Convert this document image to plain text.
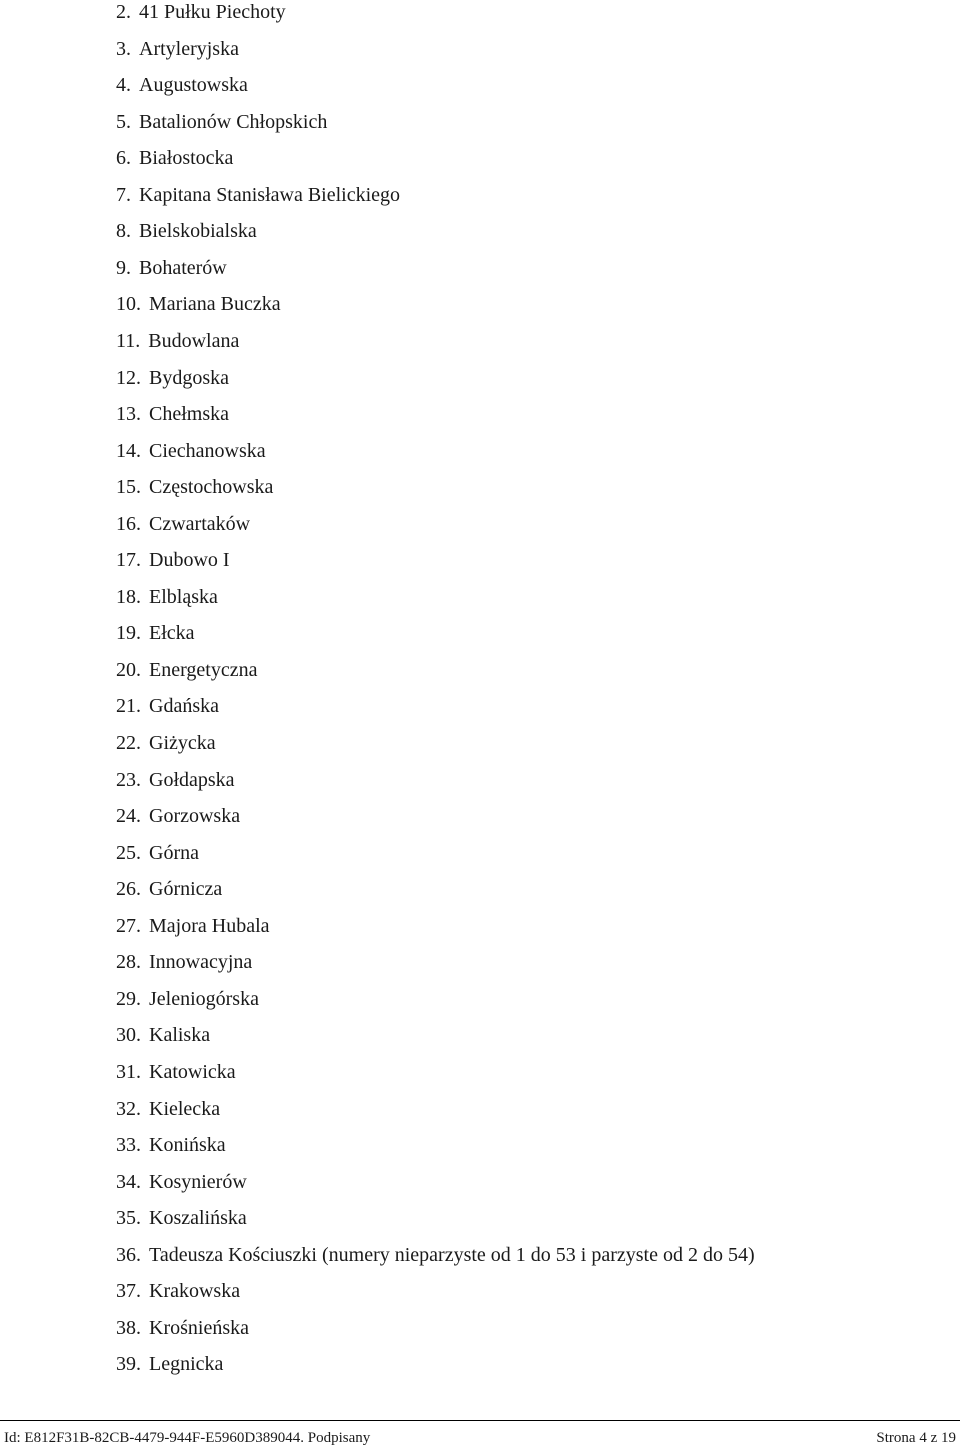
2. 41 Pułku Piechoty
3. Artyleryjska
4. Augustowska
5. Batalionów Chłopskich
6. Białostocka
7. Kapitana Stanisława Bielickiego
8. Bielskobialska
9. Bohaterów
10. Mariana Buczka
11. Budowlana
12. Bydgoska
13. Chełmska
14. Ciechanowska
15. Częstochowska
16. Czwartaków
17. Dubowo I
18. Elbląska
19. Ełcka
20. Energetyczna
21. Gdańska
22. Giżycka
23. Gołdapska
24. Gorzowska
25. Górna
26. Górnicza
27. Majora Hubala
28. Innowacyjna
29. Jeleniogórska
30. Kaliska
31. Katowicka
32. Kielecka
33. Konińska
34. Kosynierów
35. Koszalińska
36. Tadeusza Kościuszki (numery nieparzyste od 1 do 53 i parzyste od 2 do 54)
37. Krakowska
38. Krośnieńska
39. Legnicka
Id: E812F31B-82CB-4479-944F-E5960D389044. Podpisany	Strona 4 z 19
